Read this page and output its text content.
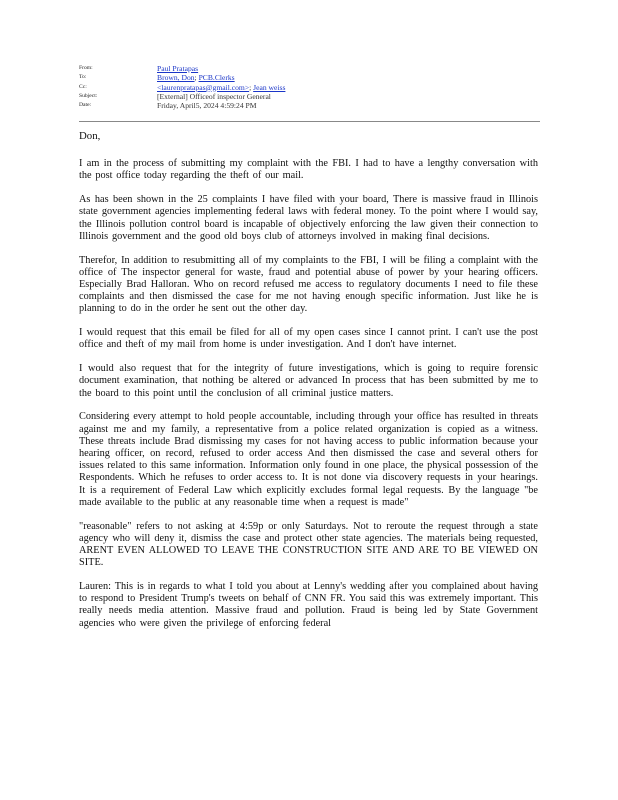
From:	Paul Pratapas
To:	Brown, Don; PCB.Clerks
Cc:	<laurenpratapas@gmail.com>; Jean weiss
Subject:	[External] Officeof inspector General
Date:	Friday, April5, 2024 4:59:24 PM

Don,

I am in the process of submitting my complaint with the FBI. I had to have a lengthy conversation with the post office today regarding the theft of our mail.

As has been shown in the 25 complaints I have filed with your board, There is massive fraud in Illinois state government agencies implementing federal laws with federal money. To the point where I would say, the Illinois pollution control board is incapable of objectively enforcing the law given their connection to Illinois government and the good old boys club of attorneys involved in making final decisions.

Therefor, In addition to resubmitting all of my complaints to the FBI, I will be filing a complaint with the office of The inspector general for waste, fraud and potential abuse of power by your hearing officers. Especially Brad Halloran. Who on record refused me access to regulatory documents I need to file these complaints and then dismissed the case for me not having enough specific information. Just like he is planning to do in the order he sent out the other day.

I would request that this email be filed for all of my open cases since I cannot print. I can't use the post office and theft of my mail from home is under investigation. And I don't have internet.

I would also request that for the integrity of future investigations, which is going to require forensic document examination, that nothing be altered or advanced In process that has been submitted by me to the board to this point until the conclusion of all criminal justice matters.

Considering every attempt to hold people accountable, including through your office has resulted in threats against me and my family, a representative from a police related organization is copied as a witness. These threats include Brad dismissing my cases for not having access to public information because your hearing officer, on record, refused to order access And then dismissed the case and several others for issues related to this same information. Information only found in one place, the physical possession of the Respondents. Which he refuses to order access to. It is not done via discovery requests in your hearings. It is a requirement of Federal Law which explicitly excludes formal legal requests. By the language "be made available to the public at any reasonable time when a request is made"

"reasonable" refers to not asking at 4:59p or only Saturdays. Not to reroute the request through a state agency who will deny it, dismiss the case and protect other state agencies. The materials being requested, ARENT EVEN ALLOWED TO LEAVE THE CONSTRUCTION SITE AND ARE TO BE VIEWED ON SITE.

Lauren: This is in regards to what I told you about at Lenny's wedding after you complained about having to respond to President Trump's tweets on behalf of CNN FR. You said this was extremely important. This really needs media attention. Massive fraud and pollution. Fraud is being led by State Government agencies who were given the privilege of enforcing federal
